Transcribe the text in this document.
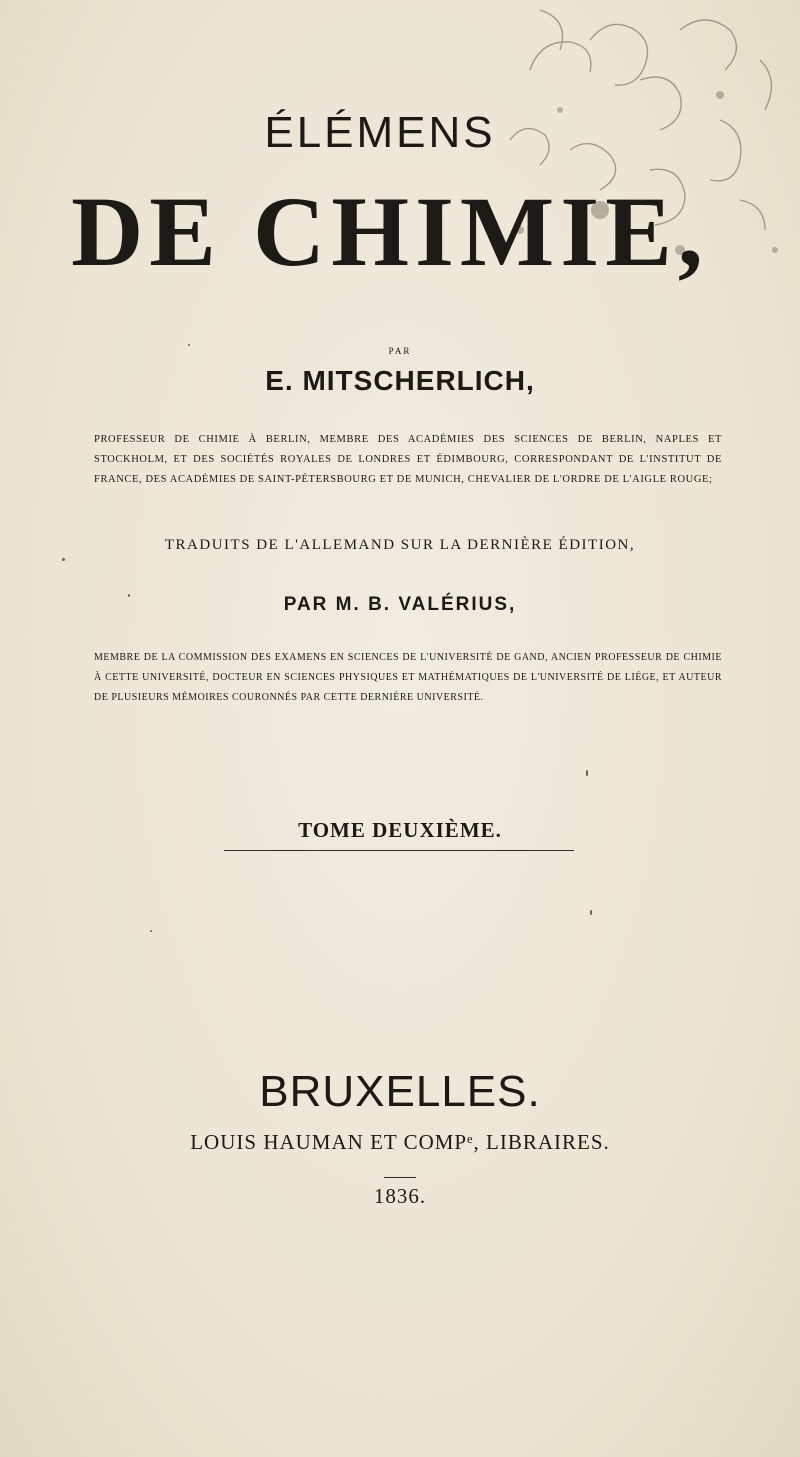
ÉLÉMENS
DE CHIMIE,
PAR
E. MITSCHERLICH,
PROFESSEUR DE CHIMIE À BERLIN, MEMBRE DES ACADÉMIES DES SCIENCES DE BERLIN, NAPLES ET STOCKHOLM, ET DES SOCIÉTÉS ROYALES DE LONDRES ET ÉDIMBOURG, CORRESPONDANT DE L'INSTITUT DE FRANCE, DES ACADÉMIES DE SAINT-PÉTERSBOURG ET DE MUNICH, CHEVALIER DE L'ORDRE DE L'AIGLE ROUGE;
TRADUITS DE L'ALLEMAND SUR LA DERNIÈRE ÉDITION,
PAR M. B. VALÉRIUS,
MEMBRE DE LA COMMISSION DES EXAMENS EN SCIENCES DE L'UNIVERSITÉ DE GAND, ANCIEN PROFESSEUR DE CHIMIE À CETTE UNIVERSITÉ, DOCTEUR EN SCIENCES PHYSIQUES ET MATHÉMATIQUES DE L'UNIVERSITÉ DE LIÉGE, ET AUTEUR DE PLUSIEURS MÉMOIRES COURONNÉS PAR CETTE DERNIÈRE UNIVERSITÉ.
TOME DEUXIÈME.
BRUXELLES.
LOUIS HAUMAN ET COMPᵉ, LIBRAIRES.
1836.
